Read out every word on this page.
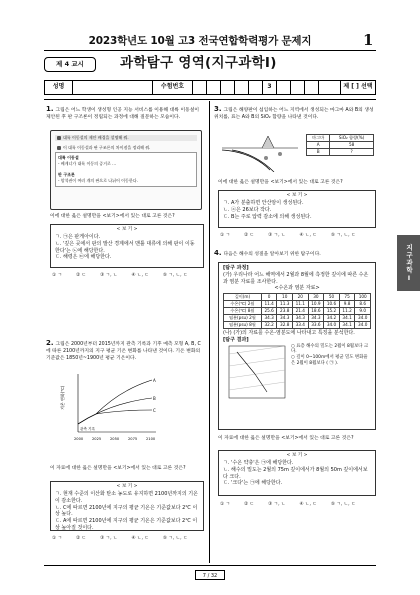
2023학년도 10월 고3 전국연합학력평가 문제지	1
제 4 교시	과학탐구 영역(지구과학Ⅰ)
성명	수험번호	3	제 [ ] 선택
지구과학Ⅰ
1. 그림은 어느 학생이 생성형 인공 지능 서비스를 이용해 대륙 이동설이 제안된 후 판 구조론이 정립되는 과정에 대해 질문하는 모습이다.
대륙 이동설의 제안 배경을 설명해 줘.
이 대륙 이동설과 판 구조론의 차이점을 정리해 줘.
대륙 이동설
- 베게너가 대륙 이동의 증거로 ...
판 구조론
- 암석권이 여러 개의 판으로 나뉘어 이동한다.
이에 대한 옳은 설명만을 <보기>에서 있는 대로 고른 것은?
< 보 기 >
ㄱ. ㉠은 판게아이다.
ㄴ. '깊은 곳에서 판의 발산 경계에서 맨틀 대류에 의해 판이 이동한다'는 ㉡에 해당한다.
ㄷ. 해령은 ㉢에 해당한다.
① ㄱ	② ㄷ	③ ㄱ, ㄴ	④ ㄴ, ㄷ	⑤ ㄱ, ㄴ, ㄷ
2. 그림은 2000년부터 2015년까지 관측 기록과 기후 예측 모형 A, B, C에 따른 2100년까지의 지구 평균 기온 변화를 나타낸 것이다. 기온 변화의 기준값은 1850년~1900년 평균 기온이다.
기온 변화(℃)
2000 2025 2050 2075 2100
A
B
C
관측 기록
이 자료에 대한 옳은 설명만을 <보기>에서 있는 대로 고른 것은?
< 보 기 >
ㄱ. 현재 수준의 이산화 탄소 농도로 유지하면 2100년까지의 기온이 감소한다.
ㄴ. C에 따르면 2100년에 지구의 평균 기온은 기준값보다 2℃ 이상 높다.
ㄷ. A에 따르면 2100년에 지구의 평균 기온은 기준값보다 2℃ 이상 높아질 것이다.
① ㄱ	② ㄷ	③ ㄱ, ㄴ	④ ㄴ, ㄷ	⑤ ㄱ, ㄴ, ㄷ
3. 그림은 해양판이 섭입하는 어느 지역에서 생성되는 마그마 A와 B의 생성 위치를, 표는 A와 B의 SiO₂ 함량을 나타낸 것이다.
마그마	SiO₂ 함량(%)
A	58
B	?
이에 대한 옳은 설명만을 <보기>에서 있는 대로 고른 것은?
< 보 기 >
ㄱ. A가 분출하면 안산암이 생성된다.
ㄴ. ⓐ은 26보다 작다.
ㄷ. B는 주로 압력 감소에 의해 생성된다.
① ㄱ	② ㄷ	③ ㄱ, ㄴ	④ ㄴ, ㄷ	⑤ ㄱ, ㄴ, ㄷ
4. 다음은 해수의 성질을 알아보기 위한 탐구이다.
[탐구 과정]
(가) 우리나라 어느 해역에서 2월과 8월에 측정한 깊이에 따른 수온과 염분 자료를 조사한다.
<수온과 염분 자료>
깊이(m)	0	10	20	30	50	75	100
수온(℃) 2월	11.4	11.3	11.1	10.9	10.6	9.8	8.6
수온(℃) 8월	25.6	23.8	21.4	18.6	15.2	11.2	9.0
염분(psu) 2월	34.3	34.3	34.3	34.3	34.2	34.1	34.0
염분(psu) 8월	32.2	32.8	33.4	33.6	34.0	34.1	34.0
(나) (가)의 자료를 수온-염분도에 나타내고 특징을 분석한다.
[탐구 결과]
○ 표층 해수의 밀도는 2월이 8월보다 크다.
○ 깊이 0~100m에서 평균 밀도 변화율은 2월이 8월보다 ( ㉠ ).
이 자료에 대한 옳은 설명만을 <보기>에서 있는 대로 고른 것은?
< 보 기 >
ㄱ. '수온 약층'은 ㉠에 해당한다.
ㄴ. 해수의 밀도는 2월의 75m 깊이에서가 8월의 50m 깊이에서보다 크다.
ㄷ. '크다'는 ㉠에 해당한다.
① ㄱ	② ㄷ	③ ㄱ, ㄴ	④ ㄴ, ㄷ	⑤ ㄱ, ㄴ, ㄷ
7 / 32
